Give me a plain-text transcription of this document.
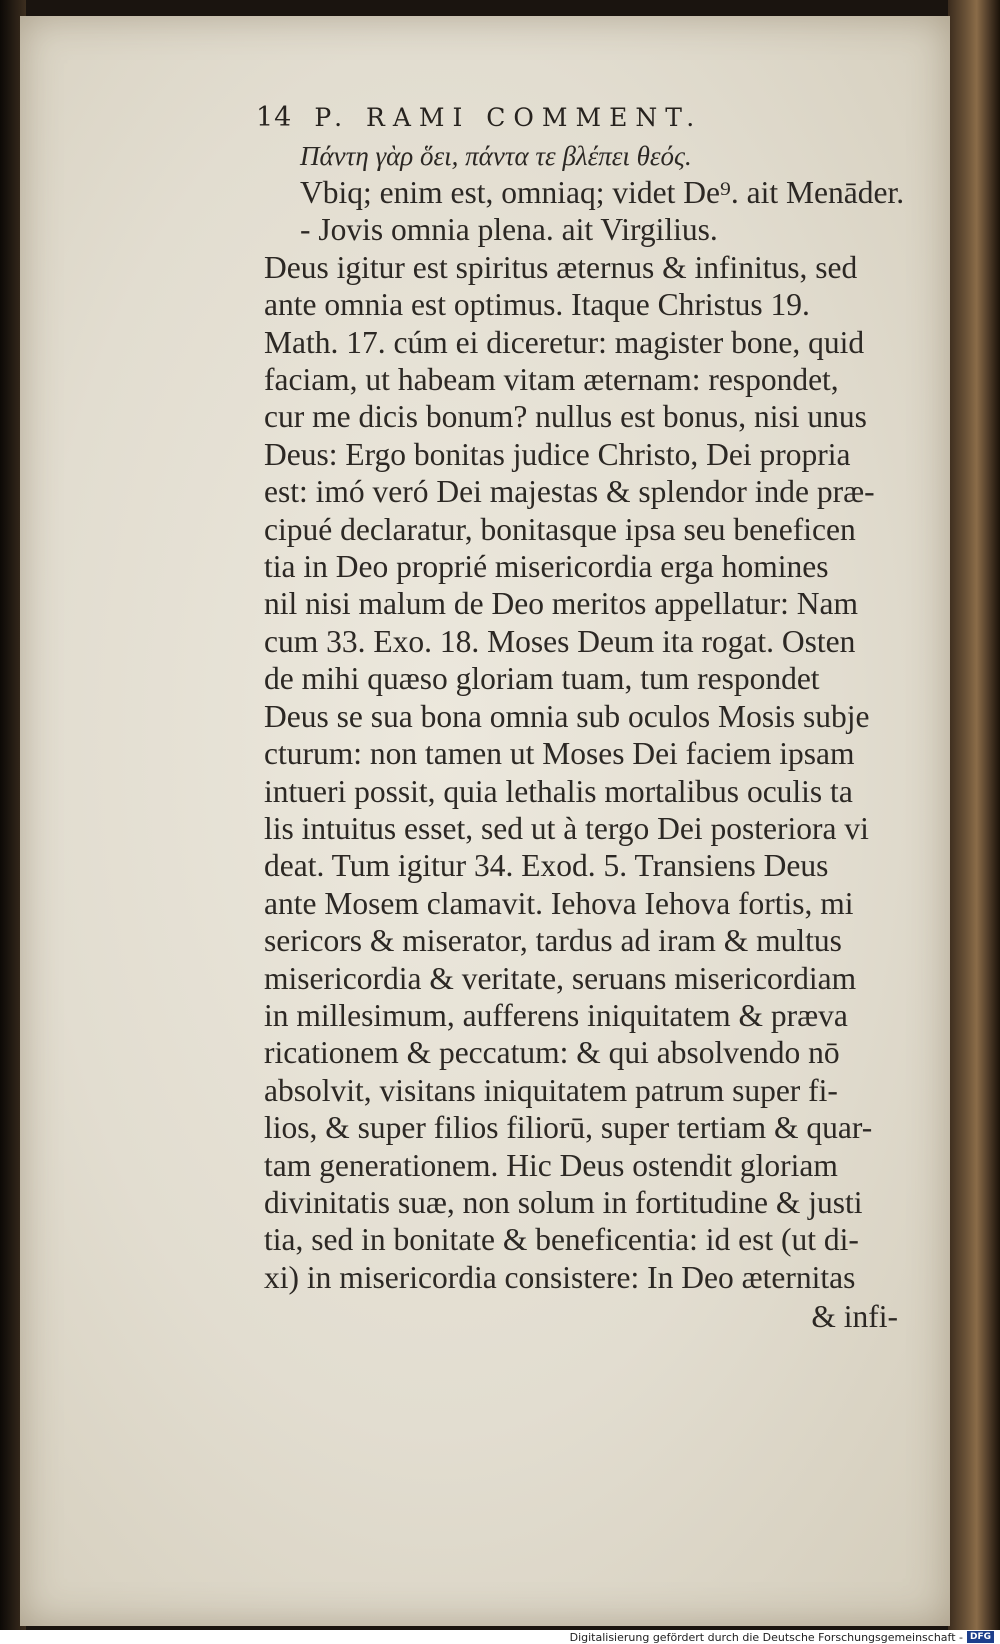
14 P. RAMI COMMENT.
Πάντη γὰρ ὅει, πάντα τε βλέπει θεός.
Vbiq; enim est, omniaq; videt De⁹. ait Menāder.
- Jovis omnia plena. ait Virgilius.
Deus igitur est spiritus æternus & infinitus, sed
ante omnia est optimus. Itaque Christus 19.
Math. 17. cúm ei diceretur: magister bone, quid
faciam, ut habeam vitam æternam: respondet,
cur me dicis bonum? nullus est bonus, nisi unus
Deus: Ergo bonitas judice Christo, Dei propria
est: imó veró Dei majestas & splendor inde præ-
cipué declaratur, bonitasque ipsa seu beneficen
tia in Deo proprié misericordia erga homines
nil nisi malum de Deo meritos appellatur: Nam
cum 33. Exo. 18. Moses Deum ita rogat. Osten
de mihi quæso gloriam tuam, tum respondet
Deus se sua bona omnia sub oculos Mosis subje
cturum: non tamen ut Moses Dei faciem ipsam
intueri possit, quia lethalis mortalibus oculis ta
lis intuitus esset, sed ut à tergo Dei posteriora vi
deat. Tum igitur 34. Exod. 5. Transiens Deus
ante Mosem clamavit. Iehova Iehova fortis, mi
sericors & miserator, tardus ad iram & multus
misericordia & veritate, seruans misericordiam
in millesimum, aufferens iniquitatem & præva
ricationem & peccatum: & qui absolvendo nō
absolvit, visitans iniquitatem patrum super fi-
lios, & super filios filiorū, super tertiam & quar-
tam generationem. Hic Deus ostendit gloriam
divinitatis suæ, non solum in fortitudine & justi
tia, sed in bonitate & beneficentia: id est (ut di-
xi) in misericordia consistere: In Deo æternitas
& infi-
Digitalisierung gefördert durch die Deutsche Forschungsgemeinschaft - DFG
